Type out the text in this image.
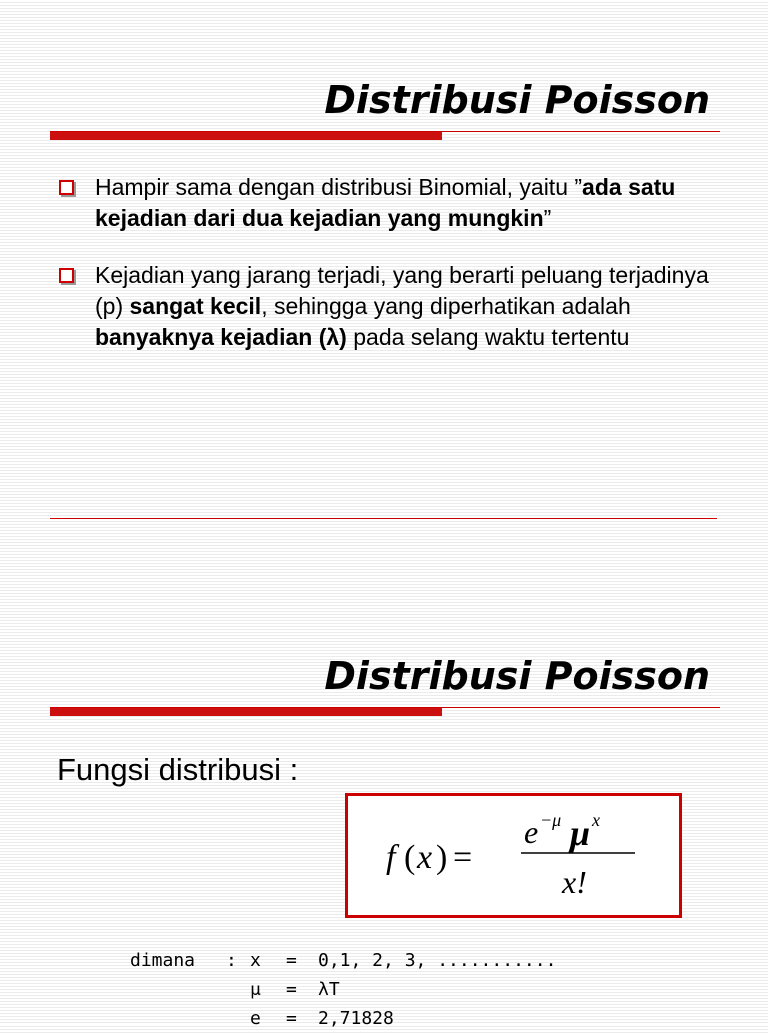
Distribusi Poisson
Hampir sama dengan distribusi Binomial, yaitu ”ada satu kejadian dari dua kejadian yang mungkin”
Kejadian yang jarang terjadi, yang berarti peluang terjadinya (p) sangat kecil, sehingga yang diperhatikan adalah banyaknya kejadian (λ) pada selang waktu tertentu
Distribusi Poisson

Fungsi distribusi :

f ( x ) =
e −μ μ x
x!
dimana : x = 0,1, 2, 3, ...........
μ = λT
e = 2,71828
